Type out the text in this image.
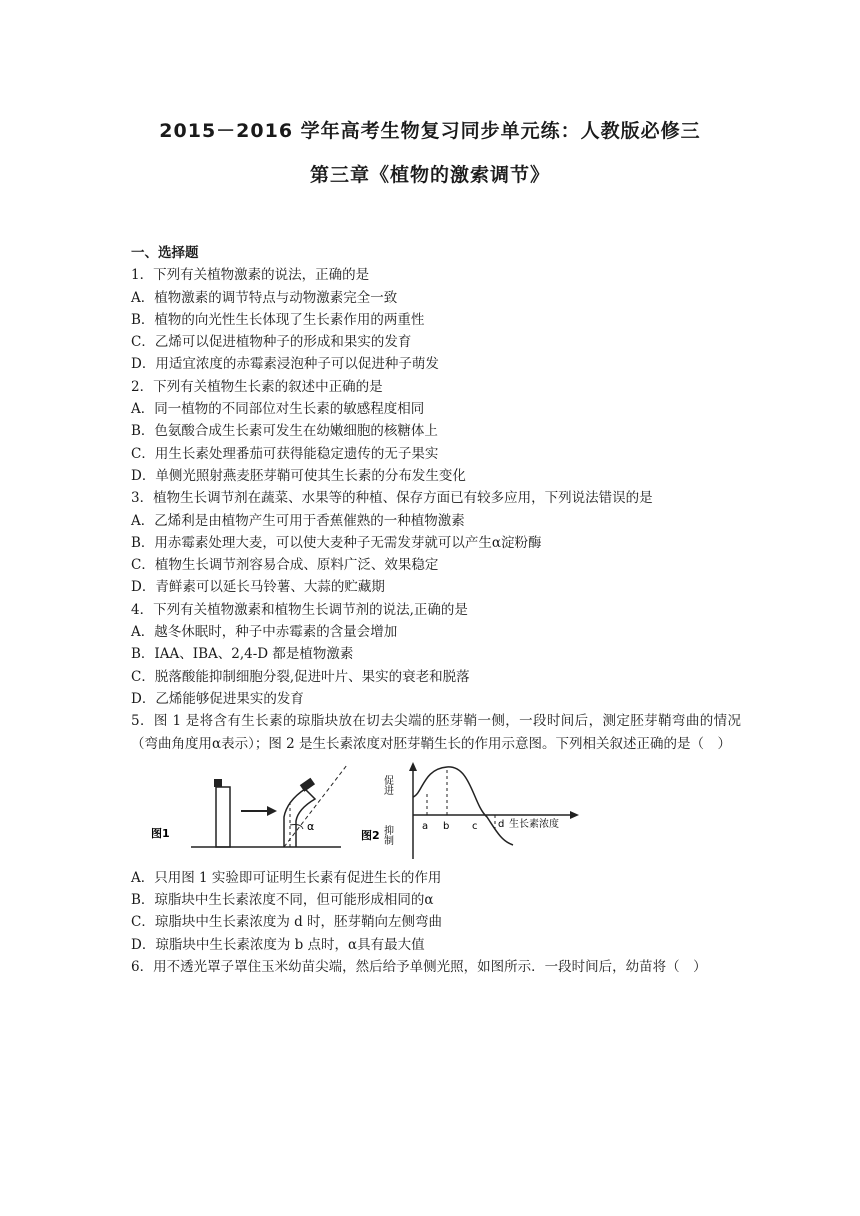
2015－2016 学年高考生物复习同步单元练：人教版必修三
第三章《植物的激索调节》
一、选择题
1．下列有关植物激素的说法，正确的是
A．植物激素的调节特点与动物激素完全一致
B．植物的向光性生长体现了生长素作用的两重性
C．乙烯可以促进植物种子的形成和果实的发育
D．用适宜浓度的赤霉素浸泡种子可以促进种子萌发
2．下列有关植物生长素的叙述中正确的是
A．同一植物的不同部位对生长素的敏感程度相同
B．色氨酸合成生长素可发生在幼嫩细胞的核糖体上
C．用生长素处理番茄可获得能稳定遗传的无子果实
D．单侧光照射燕麦胚芽鞘可使其生长素的分布发生变化
3．植物生长调节剂在蔬菜、水果等的种植、保存方面已有较多应用，下列说法错误的是
A．乙烯利是由植物产生可用于香蕉催熟的一种植物激素
B．用赤霉素处理大麦，可以使大麦种子无需发芽就可以产生α淀粉酶
C．植物生长调节剂容易合成、原料广泛、效果稳定
D．青鲜素可以延长马铃薯、大蒜的贮藏期
4．下列有关植物激素和植物生长调节剂的说法,正确的是
A．越冬休眠时，种子中赤霉素的含量会增加
B．IAA、IBA、2,4-D 都是植物激素
C．脱落酸能抑制细胞分裂,促进叶片、果实的衰老和脱落
D．乙烯能够促进果实的发育
5．图 1 是将含有生长素的琼脂块放在切去尖端的胚芽鞘一侧，一段时间后，测定胚芽鞘弯曲的情况（弯曲角度用α表示）；图 2 是生长素浓度对胚芽鞘生长的作用示意图。下列相关叙述正确的是（　）
图1
α
图2
促进
抑制	a b c d 生长素浓度
A．只用图 1 实验即可证明生长素有促进生长的作用
B．琼脂块中生长素浓度不同，但可能形成相同的α
C．琼脂块中生长素浓度为 d 时，胚芽鞘向左侧弯曲
D．琼脂块中生长素浓度为 b 点时，α具有最大值
6．用不透光罩子罩住玉米幼苗尖端，然后给予单侧光照，如图所示．一段时间后，幼苗将（　）
